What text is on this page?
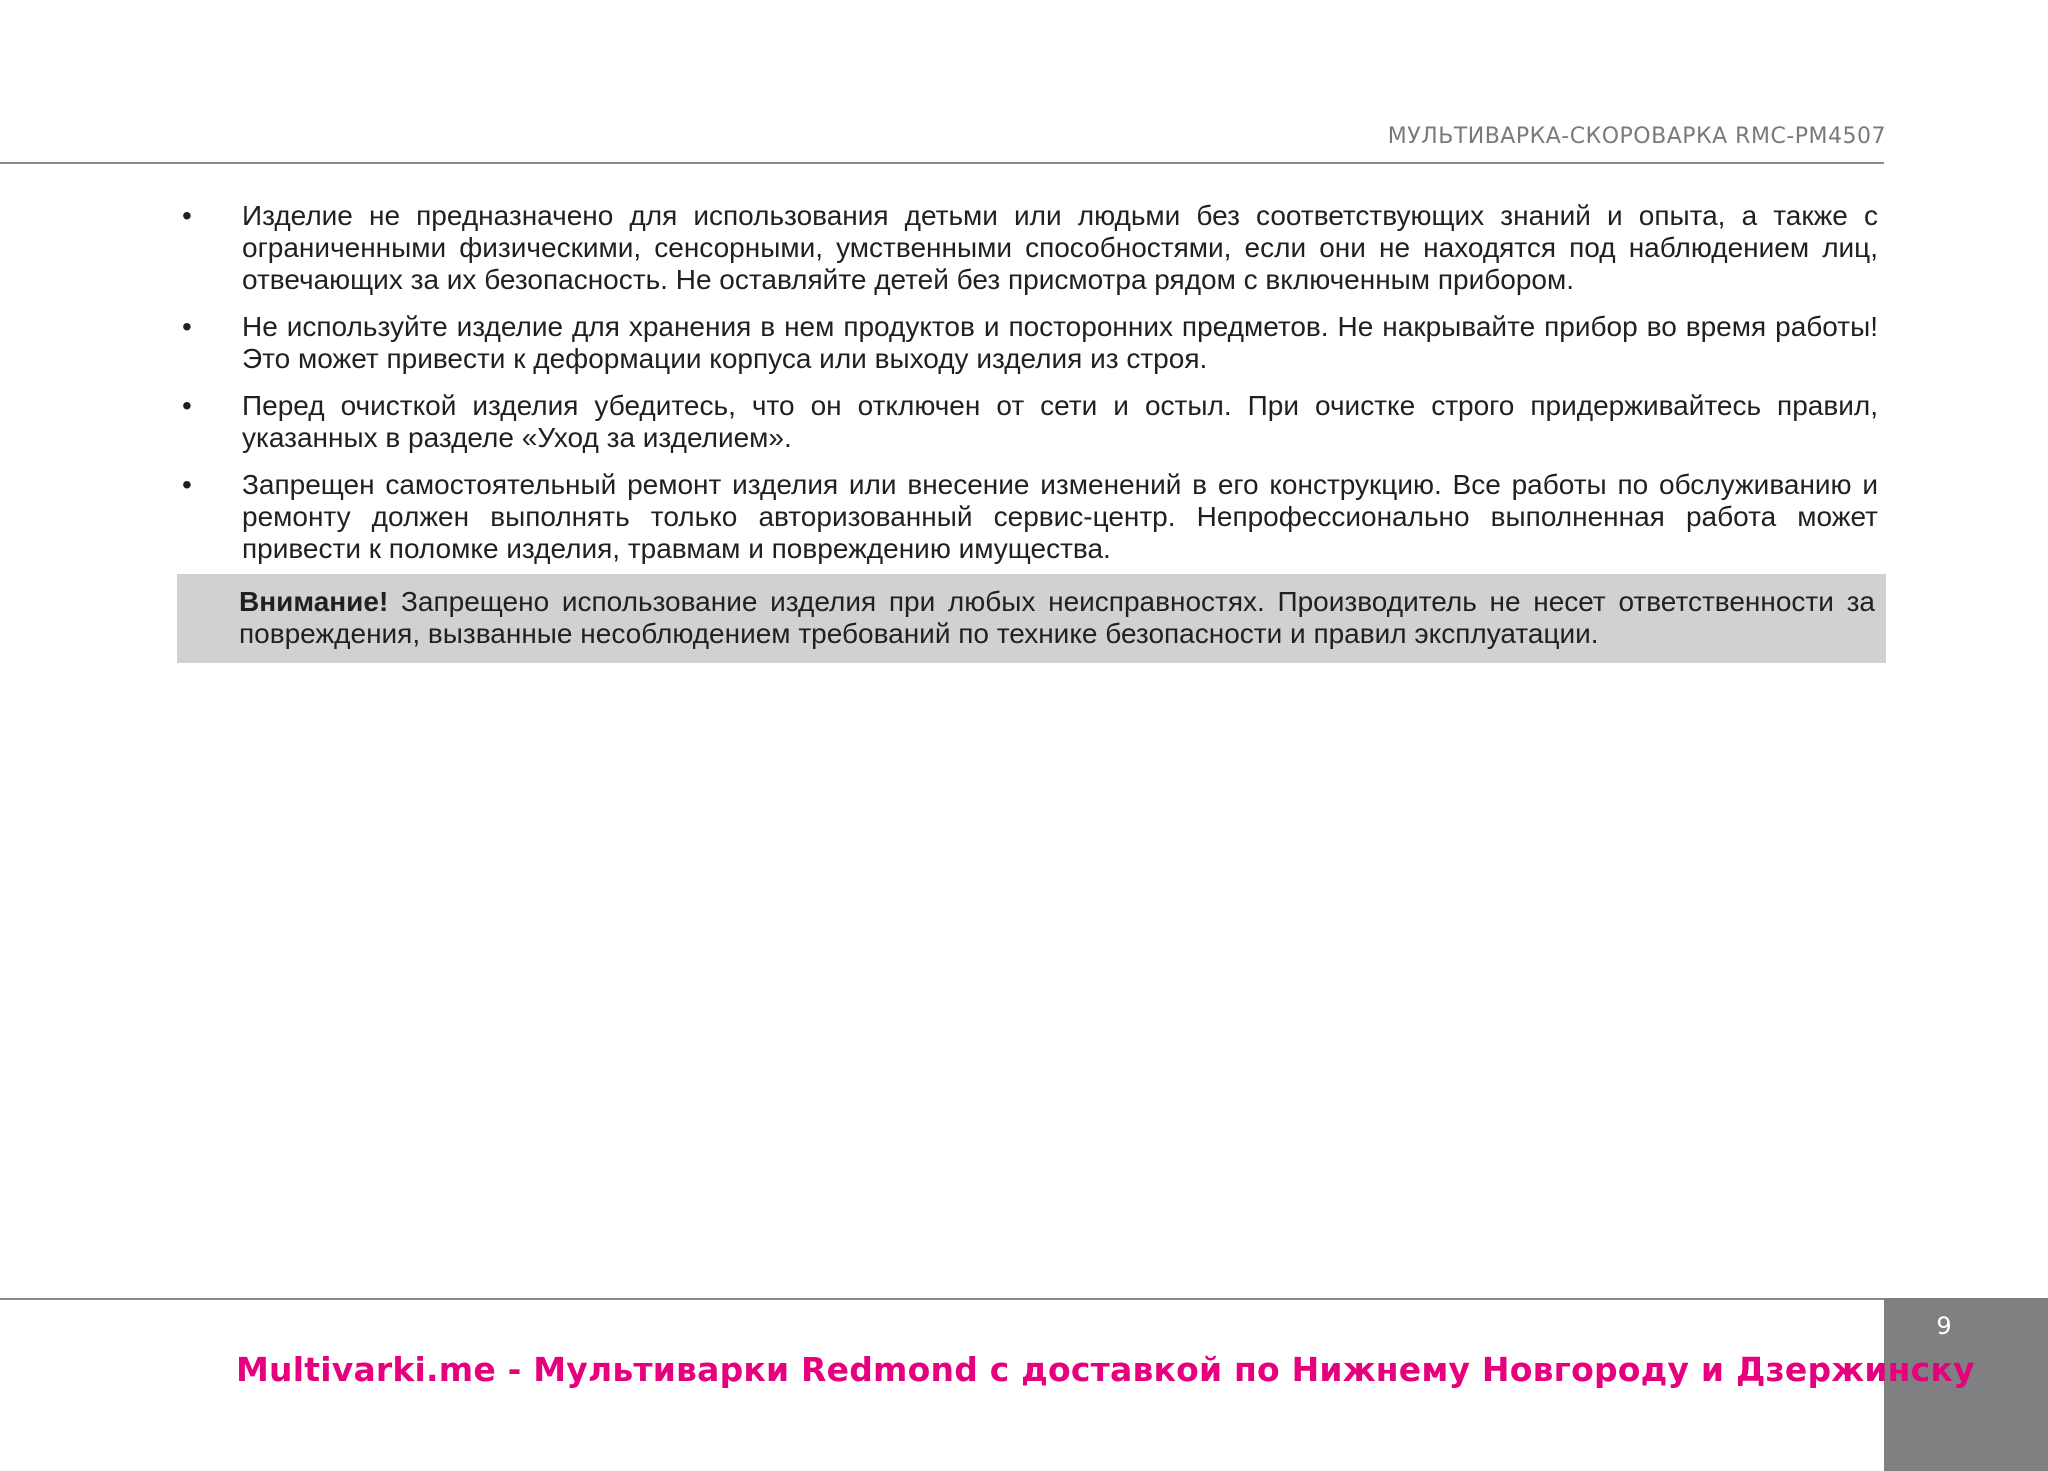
МУЛЬТИВАРКА-СКОРОВАРКА RMC-PM4507
•	Изделие не предназначено для использования детьми или людьми без соответствующих знаний и опыта, а также с ограниченными физическими, сенсорными, умственными способностями, если они не находятся под наблюдением лиц, отвечающих за их безопасность. Не оставляйте детей без присмотра рядом с включенным прибором.
•	Не используйте изделие для хранения в нем продуктов и посторонних предметов. Не накрывайте прибор во время работы! Это может привести к деформации корпуса или выходу изделия из строя.
•	Перед очисткой изделия убедитесь, что он отключен от сети и остыл. При очистке строго придерживайтесь правил, указанных в разделе «Уход за изделием».
•	Запрещен самостоятельный ремонт изделия или внесение изменений в его конструкцию. Все работы по обслуживанию и ремонту должен выполнять только авторизованный сервис-центр. Непрофессионально выполненная работа может привести к поломке изделия, травмам и повреждению имущества.
Внимание! Запрещено использование изделия при любых неисправностях. Производитель не несет ответственности за повреждения, вызванные несоблюдением требований по технике безопасности и правил эксплуатации.
9
Multivarki.me - Мультиварки Redmond с доставкой по Нижнему Новгороду и Дзержинску
